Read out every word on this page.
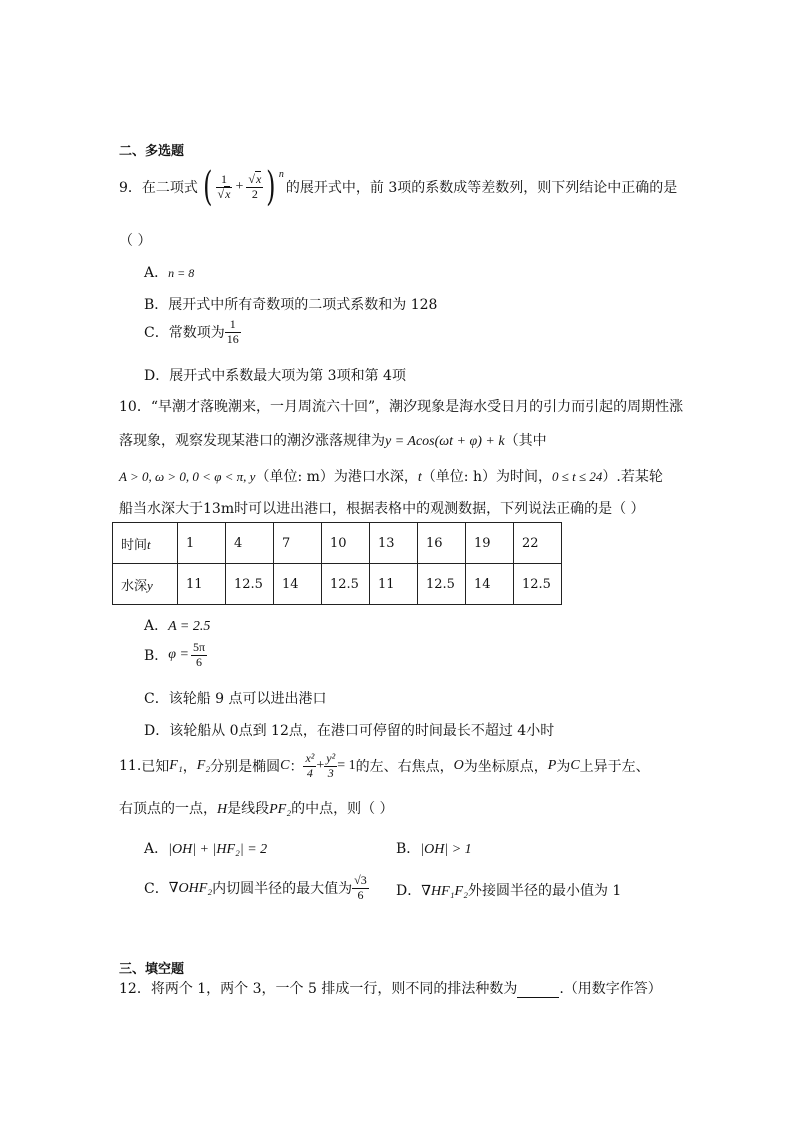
二、多选题
9． 在二项式 ( $\frac{1}{√x} + \frac{√x}{2}$ ) n
的展开式中，前 3项的系数成等差数列，则下列结论中正确的是
（ ）
A．n = 8
B．展开式中所有奇数项的二项式系数和为 128
C． 常数项为 $\frac{1}{16}$
D．展开式中系数最大项为第 3项和第 4项
10．“早潮才落晚潮来，一月周流六十回”，潮汐现象是海水受日月的引力而引起的周期性涨
落现象，观察发现某港口的潮汐涨落规律为y = Acos(ωt + φ) + k（其中
A > 0, ω > 0, 0 < φ < π, y（单位: m）为港口水深，t（单位: h）为时间，0 ≤ t ≤ 24）.若某轮
船当水深大于13m时可以进出港口，根据表格中的观测数据，下列说法正确的是（ ）
时间t	1	4	7	10	13	16	19	22
水深y	11	12.5	14	12.5	11	12.5	14	12.5
A．A = 2.5
B． $\varphi = \frac{5\pi}{6}$
C．该轮船 9 点可以进出港口
D．该轮船从 0点到 12点，在港口可停留的时间最长不超过 4小时
11. 已知 F₁ ， F₂ 分别是椭圆 C ： $\frac{\text{x²}}{4} + \frac{\text{y²}}{3} = 1$ 的左、右焦点， O 为坐标原点， P 为 C 上异于左、
右顶点的一点，H是线段PF₂的中点，则（ ）
A．|OH| + |HF₂| = 2	B．|OH| > 1
C． ∇OHF₂ 内切圆半径的最大值为 $\frac{√3}{6}$ D．∇HF₁F₂外接圆半径的最小值为 1
三、填空题
12．将两个 1，两个 3，一个 5 排成一行，则不同的排法种数为	.（用数字作答）
